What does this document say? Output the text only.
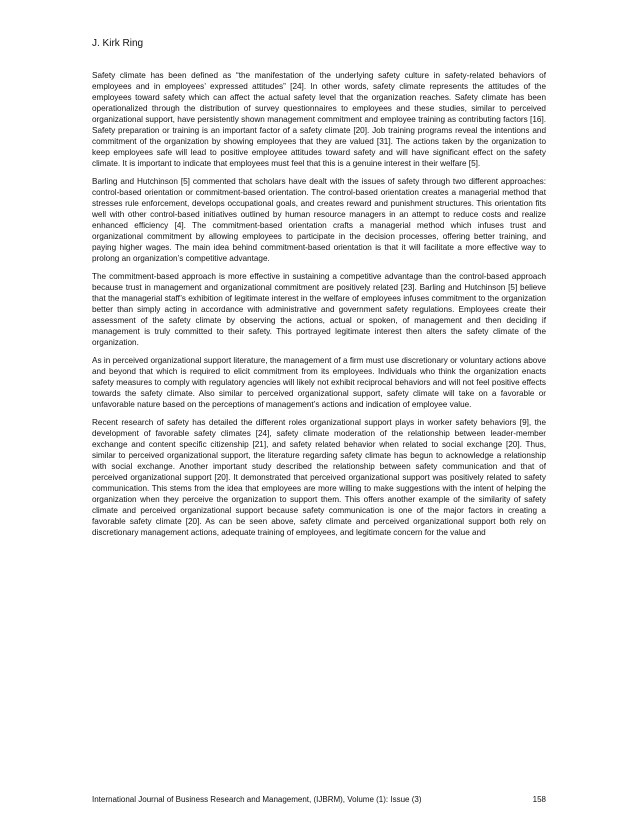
J. Kirk Ring

Safety climate has been defined as “the manifestation of the underlying safety culture in safety-related behaviors of employees and in employees’ expressed attitudes” [24]. In other words, safety climate represents the attitudes of the employees toward safety which can affect the actual safety level that the organization reaches. Safety climate has been operationalized through the distribution of survey questionnaires to employees and these studies, similar to perceived organizational support, have persistently shown management commitment and employee training as contributing factors [16]. Safety preparation or training is an important factor of a safety climate [20]. Job training programs reveal the intentions and commitment of the organization by showing employees that they are valued [31]. The actions taken by the organization to keep employees safe will lead to positive employee attitudes toward safety and will have significant effect on the safety climate. It is important to indicate that employees must feel that this is a genuine interest in their welfare [5].

Barling and Hutchinson [5] commented that scholars have dealt with the issues of safety through two different approaches: control-based orientation or commitment-based orientation. The control-based orientation creates a managerial method that stresses rule enforcement, develops occupational goals, and creates reward and punishment structures. This orientation fits well with other control-based initiatives outlined by human resource managers in an attempt to reduce costs and realize enhanced efficiency [4]. The commitment-based orientation crafts a managerial method which infuses trust and organizational commitment by allowing employees to participate in the decision processes, offering better training, and paying higher wages. The main idea behind commitment-based orientation is that it will facilitate a more effective way to prolong an organization’s competitive advantage.

The commitment-based approach is more effective in sustaining a competitive advantage than the control-based approach because trust in management and organizational commitment are positively related [23]. Barling and Hutchinson [5] believe that the managerial staff’s exhibition of legitimate interest in the welfare of employees infuses commitment to the organization better than simply acting in accordance with administrative and government safety regulations. Employees create their assessment of the safety climate by observing the actions, actual or spoken, of management and then deciding if management is truly committed to their safety. This portrayed legitimate interest then alters the safety climate of the organization.

As in perceived organizational support literature, the management of a firm must use discretionary or voluntary actions above and beyond that which is required to elicit commitment from its employees. Individuals who think the organization enacts safety measures to comply with regulatory agencies will likely not exhibit reciprocal behaviors and will not feel positive effects towards the safety climate. Also similar to perceived organizational support, safety climate will take on a favorable or unfavorable nature based on the perceptions of management’s actions and indication of employee value.

Recent research of safety has detailed the different roles organizational support plays in worker safety behaviors [9], the development of favorable safety climates [24], safety climate moderation of the relationship between leader-member exchange and content specific citizenship [21], and safety related behavior when related to social exchange [20]. Thus, similar to perceived organizational support, the literature regarding safety climate has begun to acknowledge a relationship with social exchange. Another important study described the relationship between safety communication and that of perceived organizational support [20]. It demonstrated that perceived organizational support was positively related to safety communication. This stems from the idea that employees are more willing to make suggestions with the intent of helping the organization when they perceive the organization to support them. This offers another example of the similarity of safety climate and perceived organizational support because safety communication is one of the major factors in creating a favorable safety climate [20]. As can be seen above, safety climate and perceived organizational support both rely on discretionary management actions, adequate training of employees, and legitimate concern for the value and

International Journal of Business Research and Management, (IJBRM), Volume (1): Issue (3)	158
